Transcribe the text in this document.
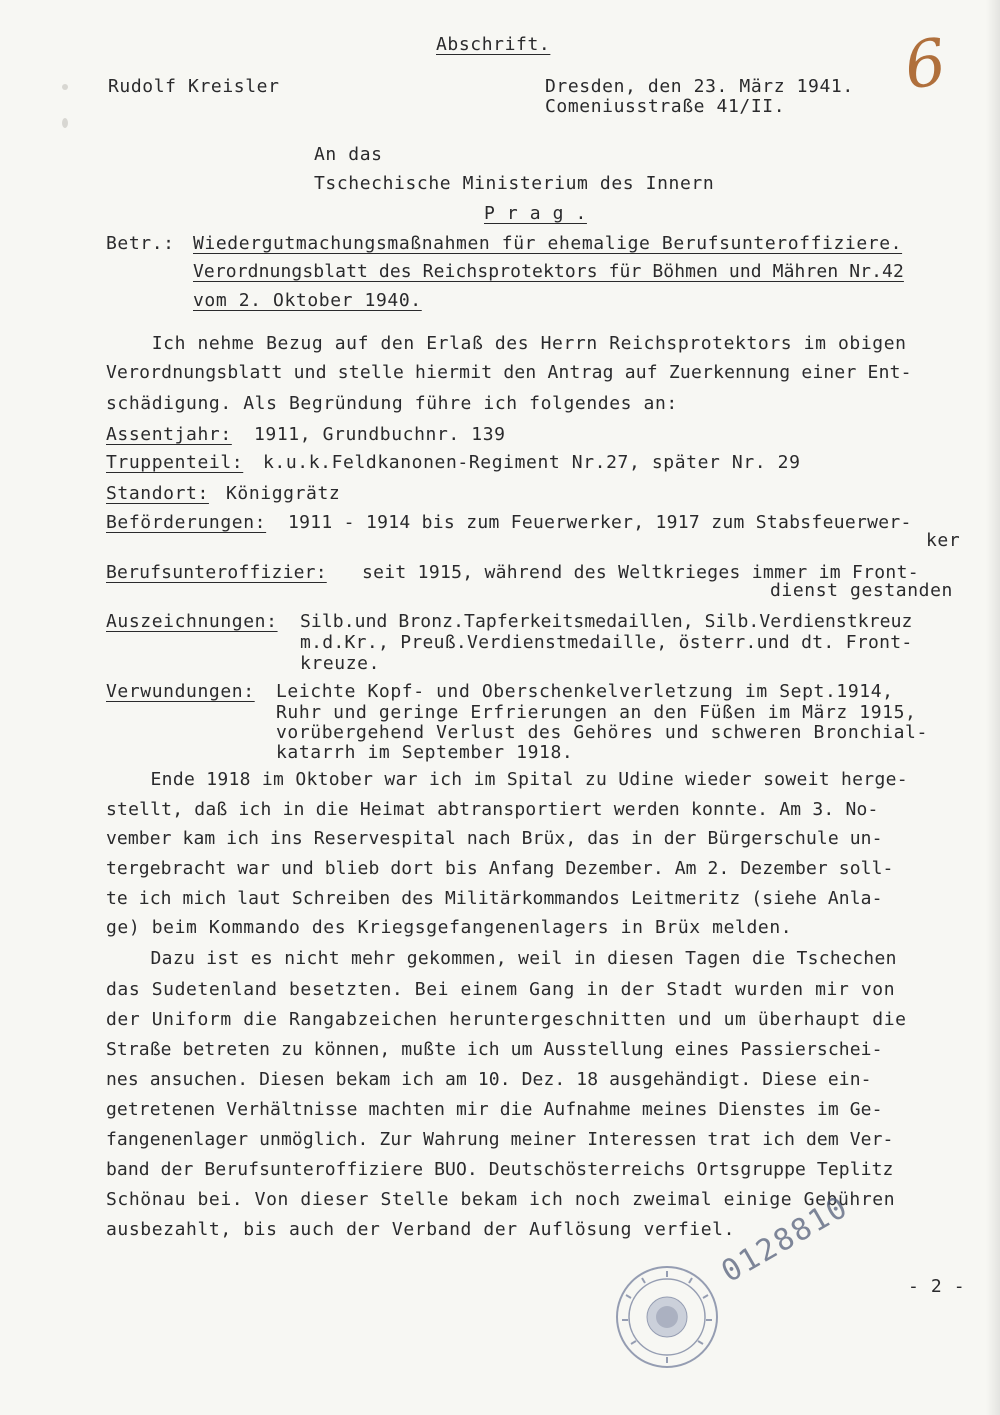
Abschrift.
Rudolf Kreisler	Dresden, den 23. März 1941.
Comeniusstraße 41/II.
6
An das
Tschechische Ministerium des Innern
P r a g .
Betr.: Wiedergutmachungsmaßnahmen für ehemalige Berufsunteroffiziere.
Verordnungsblatt des Reichsprotektors für Böhmen und Mähren Nr.42
vom 2. Oktober 1940.
Ich nehme Bezug auf den Erlaß des Herrn Reichsprotektors im obigen
Verordnungsblatt und stelle hiermit den Antrag auf Zuerkennung einer Ent-
schädigung. Als Begründung führe ich folgendes an:
Assentjahr: 1911, Grundbuchnr. 139
Truppenteil: k.u.k.Feldkanonen-Regiment Nr.27, später Nr. 29
Standort: Königgrätz
Beförderungen: 1911 - 1914 bis zum Feuerwerker, 1917 zum Stabsfeuerwer-
ker
Berufsunteroffizier: seit 1915, während des Weltkrieges immer im Front-
dienst gestanden
Auszeichnungen: Silb.und Bronz.Tapferkeitsmedaillen, Silb.Verdienstkreuz
m.d.Kr., Preuß.Verdienstmedaille, österr.und dt. Front-
kreuze.
Verwundungen: Leichte Kopf- und Oberschenkelverletzung im Sept.1914,
Ruhr und geringe Erfrierungen an den Füßen im März 1915,
vorübergehend Verlust des Gehöres und schweren Bronchial-
katarrh im September 1918.
Ende 1918 im Oktober war ich im Spital zu Udine wieder soweit herge-
stellt, daß ich in die Heimat abtransportiert werden konnte. Am 3. No-
vember kam ich ins Reservespital nach Brüx, das in der Bürgerschule un-
tergebracht war und blieb dort bis Anfang Dezember. Am 2. Dezember soll-
te ich mich laut Schreiben des Militärkommandos Leitmeritz (siehe Anla-
ge) beim Kommando des Kriegsgefangenenlagers in Brüx melden.
Dazu ist es nicht mehr gekommen, weil in diesen Tagen die Tschechen
das Sudetenland besetzten. Bei einem Gang in der Stadt wurden mir von
der Uniform die Rangabzeichen heruntergeschnitten und um überhaupt die
Straße betreten zu können, mußte ich um Ausstellung eines Passierschei-
nes ansuchen. Diesen bekam ich am 10. Dez. 18 ausgehändigt. Diese ein-
getretenen Verhältnisse machten mir die Aufnahme meines Dienstes im Ge-
fangenenlager unmöglich. Zur Wahrung meiner Interessen trat ich dem Ver-
band der Berufsunteroffiziere BUO. Deutschösterreichs Ortsgruppe Teplitz
Schönau bei. Von dieser Stelle bekam ich noch zweimal einige Gebühren
ausbezahlt, bis auch der Verband der Auflösung verfiel.
0128810	- 2 -
